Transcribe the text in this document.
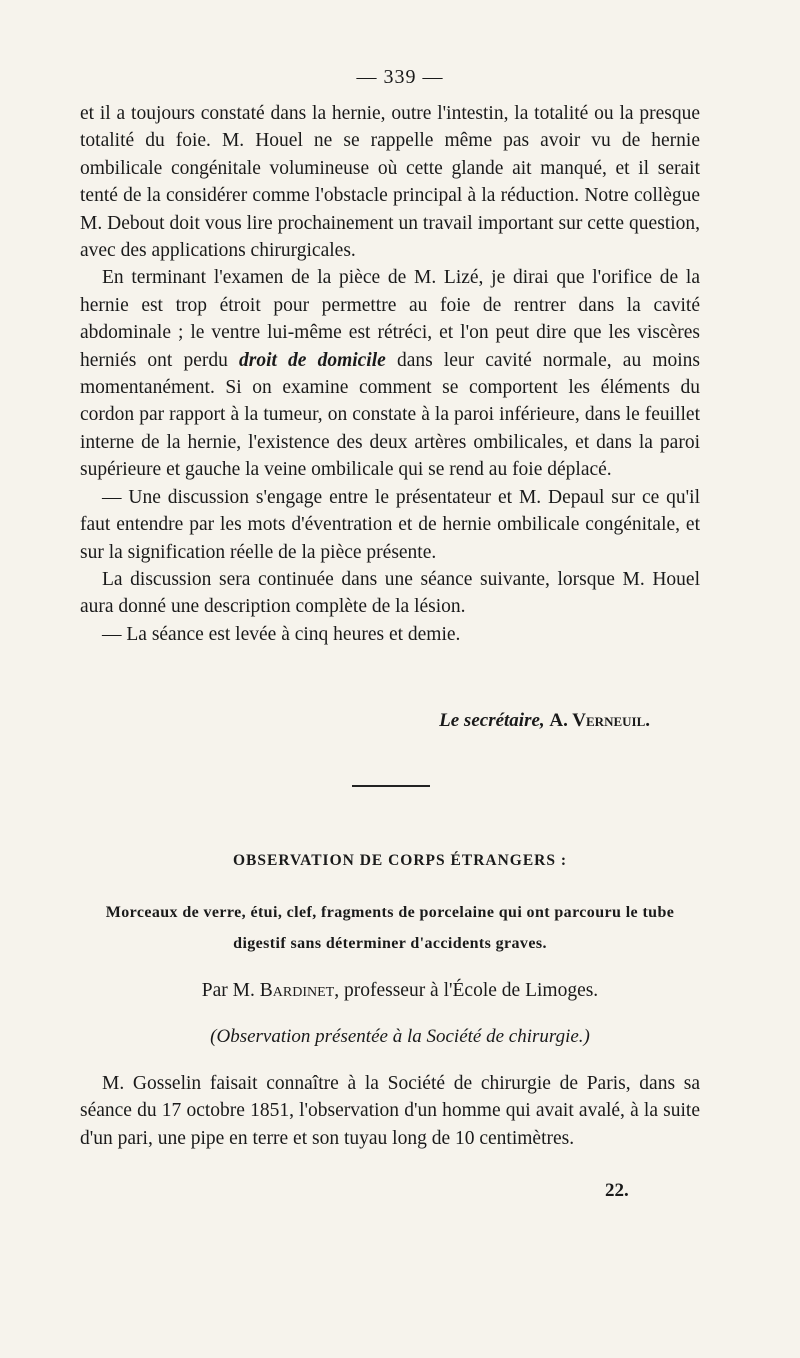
— 339 —

et il a toujours constaté dans la hernie, outre l'intestin, la totalité ou la presque totalité du foie. M. Houel ne se rappelle même pas avoir vu de hernie ombilicale congénitale volumineuse où cette glande ait manqué, et il serait tenté de la considérer comme l'obstacle principal à la réduction. Notre collègue M. Debout doit vous lire prochainement un travail important sur cette question, avec des applications chirurgicales.

En terminant l'examen de la pièce de M. Lizé, je dirai que l'orifice de la hernie est trop étroit pour permettre au foie de rentrer dans la cavité abdominale ; le ventre lui-même est rétréci, et l'on peut dire que les viscères herniés ont perdu droit de domicile dans leur cavité normale, au moins momentanément. Si on examine comment se comportent les éléments du cordon par rapport à la tumeur, on constate à la paroi inférieure, dans le feuillet interne de la hernie, l'existence des deux artères ombilicales, et dans la paroi supérieure et gauche la veine ombilicale qui se rend au foie déplacé.

— Une discussion s'engage entre le présentateur et M. Depaul sur ce qu'il faut entendre par les mots d'éventration et de hernie ombilicale congénitale, et sur la signification réelle de la pièce présente.

La discussion sera continuée dans une séance suivante, lorsque M. Houel aura donné une description complète de la lésion.

— La séance est levée à cinq heures et demie.

Le secrétaire, A. Verneuil.
OBSERVATION DE CORPS ÉTRANGERS :
Morceaux de verre, étui, clef, fragments de porcelaine qui ont parcouru le tube digestif sans déterminer d'accidents graves.
Par M. Bardinet, professeur à l'École de Limoges.
(Observation présentée à la Société de chirurgie.)

M. Gosselin faisait connaître à la Société de chirurgie de Paris, dans sa séance du 17 octobre 1851, l'observation d'un homme qui avait avalé, à la suite d'un pari, une pipe en terre et son tuyau long de 10 centimètres.

22.
